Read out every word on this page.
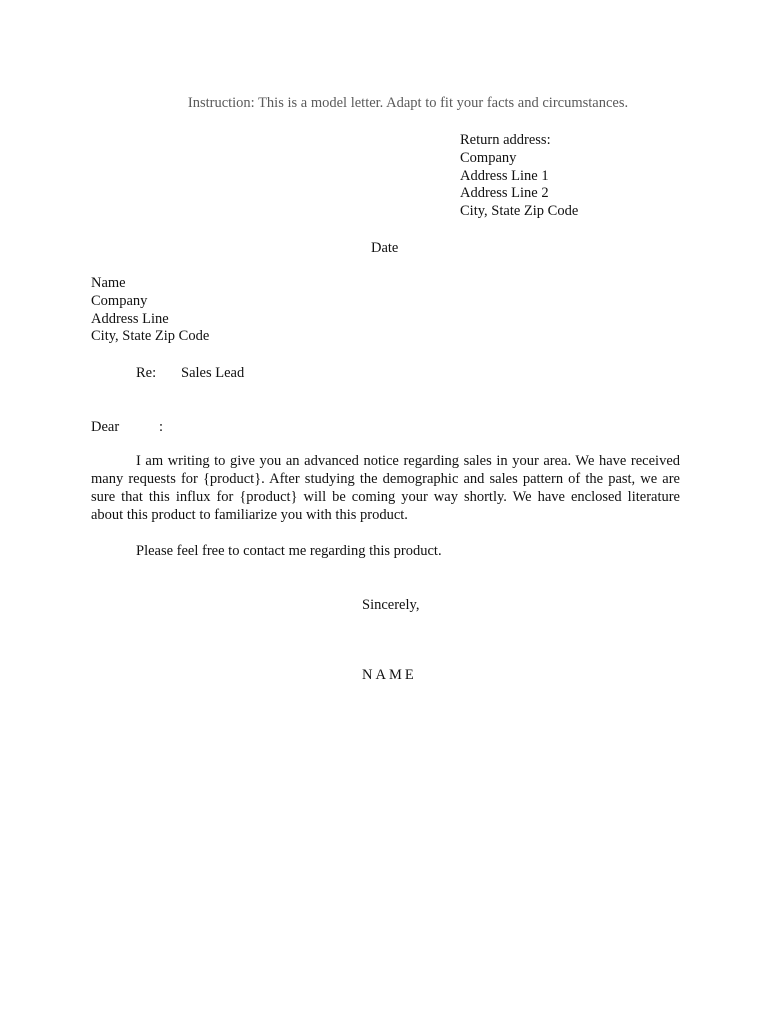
Instruction: This is a model letter. Adapt to fit your facts and circumstances.
Return address:
Company
Address Line 1
Address Line 2
City, State Zip Code
Date
Name
Company
Address Line
City, State Zip Code
Re: Sales Lead
Dear	:
I am writing to give you an advanced notice regarding sales in your area. We have received many requests for {product}. After studying the demographic and sales pattern of the past, we are sure that this influx for {product} will be coming your way shortly. We have enclosed literature about this product to familiarize you with this product.
Please feel free to contact me regarding this product.
Sincerely,
NAME
